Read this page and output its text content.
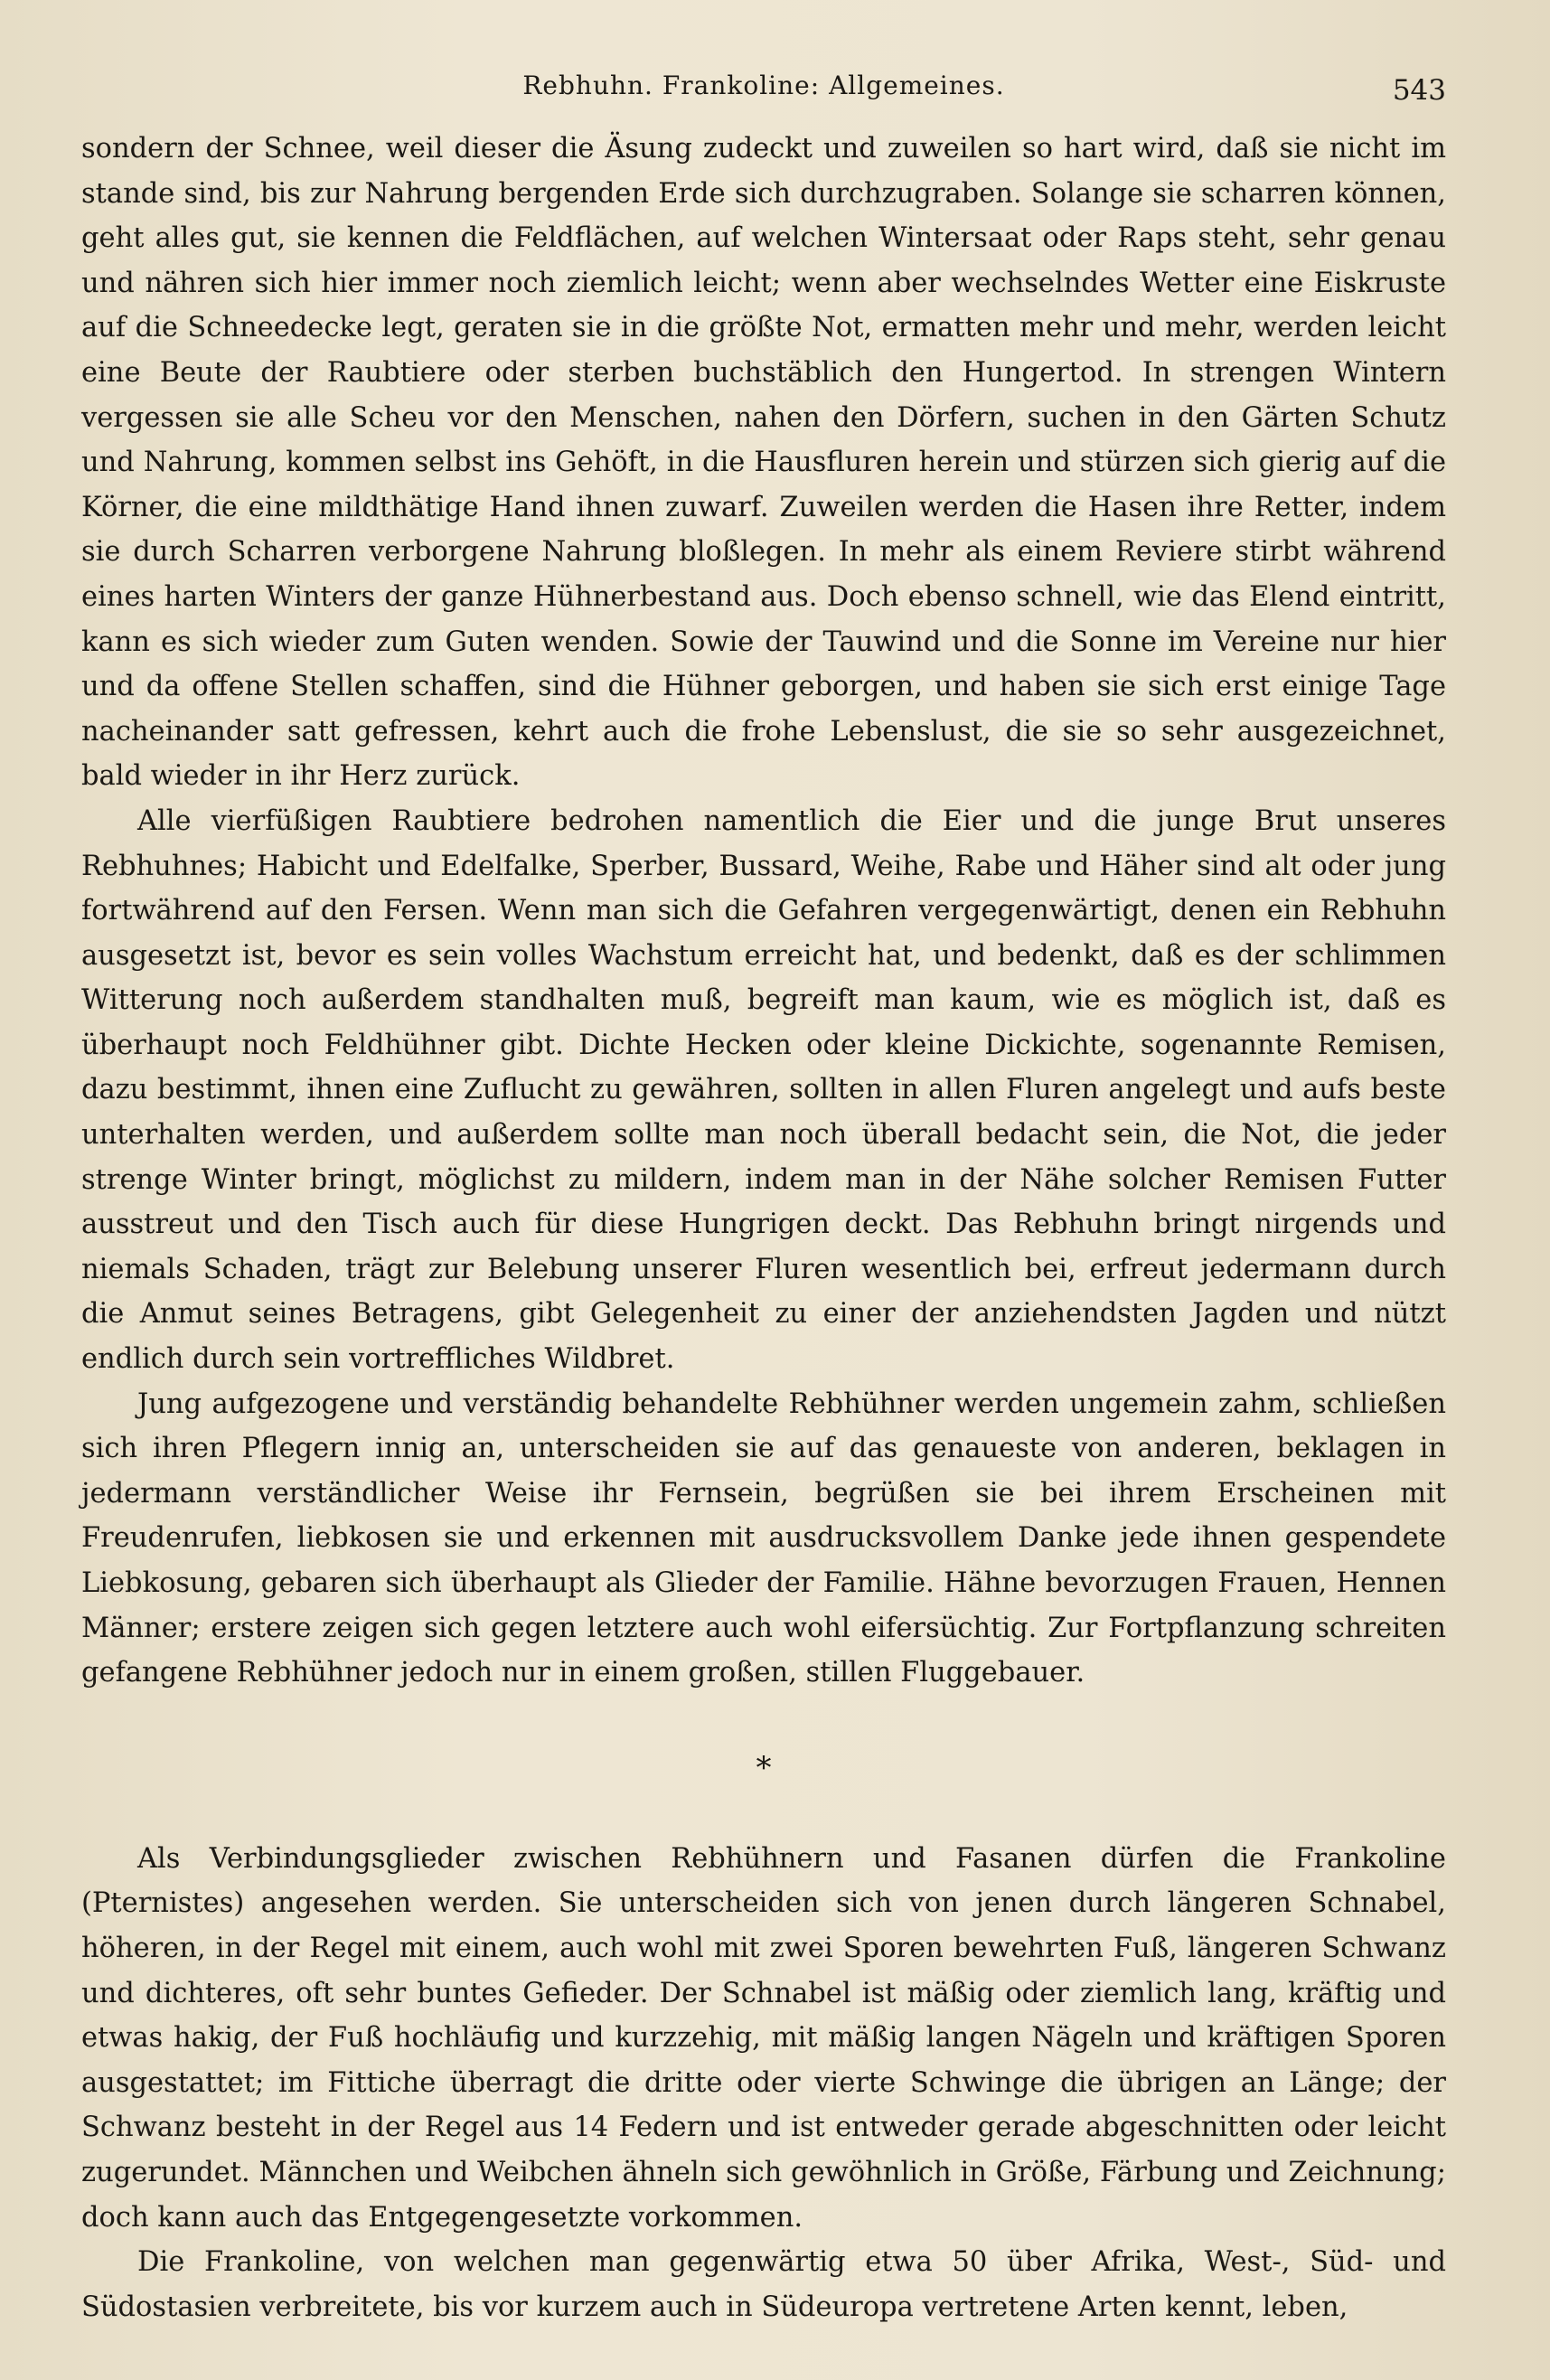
Rebhuhn. Frankoline: Allgemeines.	543

sondern der Schnee, weil dieser die Äsung zudeckt und zuweilen so hart wird, daß sie nicht im stande sind, bis zur Nahrung bergenden Erde sich durchzugraben. Solange sie scharren können, geht alles gut, sie kennen die Feldflächen, auf welchen Wintersaat oder Raps steht, sehr genau und nähren sich hier immer noch ziemlich leicht; wenn aber wechselndes Wetter eine Eiskruste auf die Schneedecke legt, geraten sie in die größte Not, ermatten mehr und mehr, werden leicht eine Beute der Raubtiere oder sterben buchstäblich den Hungertod. In strengen Wintern vergessen sie alle Scheu vor den Menschen, nahen den Dörfern, suchen in den Gärten Schutz und Nahrung, kommen selbst ins Gehöft, in die Hausfluren herein und stürzen sich gierig auf die Körner, die eine mildthätige Hand ihnen zuwarf. Zuweilen werden die Hasen ihre Retter, indem sie durch Scharren verborgene Nahrung bloßlegen. In mehr als einem Reviere stirbt während eines harten Winters der ganze Hühnerbestand aus. Doch ebenso schnell, wie das Elend eintritt, kann es sich wieder zum Guten wenden. Sowie der Tauwind und die Sonne im Vereine nur hier und da offene Stellen schaffen, sind die Hühner geborgen, und haben sie sich erst einige Tage nacheinander satt gefressen, kehrt auch die frohe Lebenslust, die sie so sehr ausgezeichnet, bald wieder in ihr Herz zurück.

Alle vierfüßigen Raubtiere bedrohen namentlich die Eier und die junge Brut unseres Rebhuhnes; Habicht und Edelfalke, Sperber, Bussard, Weihe, Rabe und Häher sind alt oder jung fortwährend auf den Fersen. Wenn man sich die Gefahren vergegenwärtigt, denen ein Rebhuhn ausgesetzt ist, bevor es sein volles Wachstum erreicht hat, und bedenkt, daß es der schlimmen Witterung noch außerdem standhalten muß, begreift man kaum, wie es möglich ist, daß es überhaupt noch Feldhühner gibt. Dichte Hecken oder kleine Dickichte, sogenannte Remisen, dazu bestimmt, ihnen eine Zuflucht zu gewähren, sollten in allen Fluren angelegt und aufs beste unterhalten werden, und außerdem sollte man noch überall bedacht sein, die Not, die jeder strenge Winter bringt, möglichst zu mildern, indem man in der Nähe solcher Remisen Futter ausstreut und den Tisch auch für diese Hungrigen deckt. Das Rebhuhn bringt nirgends und niemals Schaden, trägt zur Belebung unserer Fluren wesentlich bei, erfreut jedermann durch die Anmut seines Betragens, gibt Gelegenheit zu einer der anziehendsten Jagden und nützt endlich durch sein vortreffliches Wildbret.

Jung aufgezogene und verständig behandelte Rebhühner werden ungemein zahm, schließen sich ihren Pflegern innig an, unterscheiden sie auf das genaueste von anderen, beklagen in jedermann verständlicher Weise ihr Fernsein, begrüßen sie bei ihrem Erscheinen mit Freudenrufen, liebkosen sie und erkennen mit ausdrucksvollem Danke jede ihnen gespendete Liebkosung, gebaren sich überhaupt als Glieder der Familie. Hähne bevorzugen Frauen, Hennen Männer; erstere zeigen sich gegen letztere auch wohl eifersüchtig. Zur Fortpflanzung schreiten gefangene Rebhühner jedoch nur in einem großen, stillen Fluggebauer.

*

Als Verbindungsglieder zwischen Rebhühnern und Fasanen dürfen die Frankoline (Pternistes) angesehen werden. Sie unterscheiden sich von jenen durch längeren Schnabel, höheren, in der Regel mit einem, auch wohl mit zwei Sporen bewehrten Fuß, längeren Schwanz und dichteres, oft sehr buntes Gefieder. Der Schnabel ist mäßig oder ziemlich lang, kräftig und etwas hakig, der Fuß hochläufig und kurzzehig, mit mäßig langen Nägeln und kräftigen Sporen ausgestattet; im Fittiche überragt die dritte oder vierte Schwinge die übrigen an Länge; der Schwanz besteht in der Regel aus 14 Federn und ist entweder gerade abgeschnitten oder leicht zugerundet. Männchen und Weibchen ähneln sich gewöhnlich in Größe, Färbung und Zeichnung; doch kann auch das Entgegengesetzte vorkommen.

Die Frankoline, von welchen man gegenwärtig etwa 50 über Afrika, West-, Süd- und Südostasien verbreitete, bis vor kurzem auch in Südeuropa vertretene Arten kennt, leben,
